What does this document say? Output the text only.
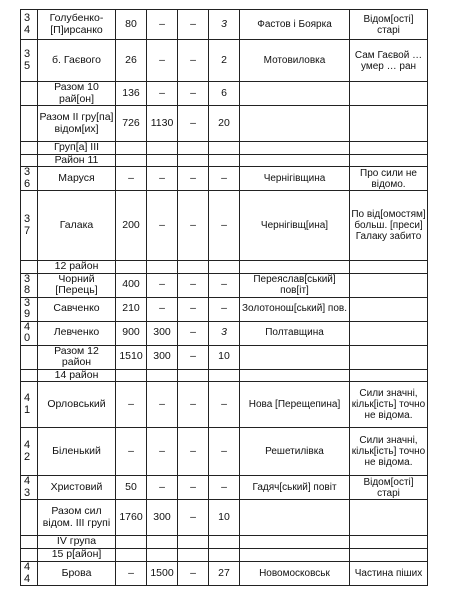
34	Голубенко-[П]ирсанко	80	–	–	3	Фастов і Боярка	Відом[ості] старі
35	б. Гаєвого	26	–	–	2	Мотовиловка	Сам Гаєвой … умер … ран
	Разом 10 рай[он]	136	–	–	6		
	Разом II гру[па] відом[их]	726	1130	–	20		
	Груп[а] III						
	Район 11						
36	Маруся	–	–	–	–	Чернігівщина	Про сили не відомо.
37	Галака	200	–	–	–	Чернігівщ[ина]	По від[омостям] больш. [преси] Галаку забито
	12 район						
38	Чорний [Перець]	400	–	–	–	Переяслав[ський] пов[іт]	
39	Савченко	210	–	–	–	Золотонош[ський] пов.	
40	Левченко	900	300	–	3	Полтавщина	
	Разом 12 район	1510	300	–	10		
	14 район						
41	Орловський	–	–	–	–	Нова [Перещепина]	Сили значні, кільк[ість] точно не відома.
42	Біленький	–	–	–	–	Решетилівка	Сили значні, кільк[ість] точно не відома.
43	Христовий	50	–	–	–	Гадяч[ський] повіт	Відом[ості] старі
	Разом сил відом. III групі	1760	300	–	10		
	IV група						
	15 р[айон]						
44	Брова	–	1500	–	27	Новомосковськ	Частина піших
